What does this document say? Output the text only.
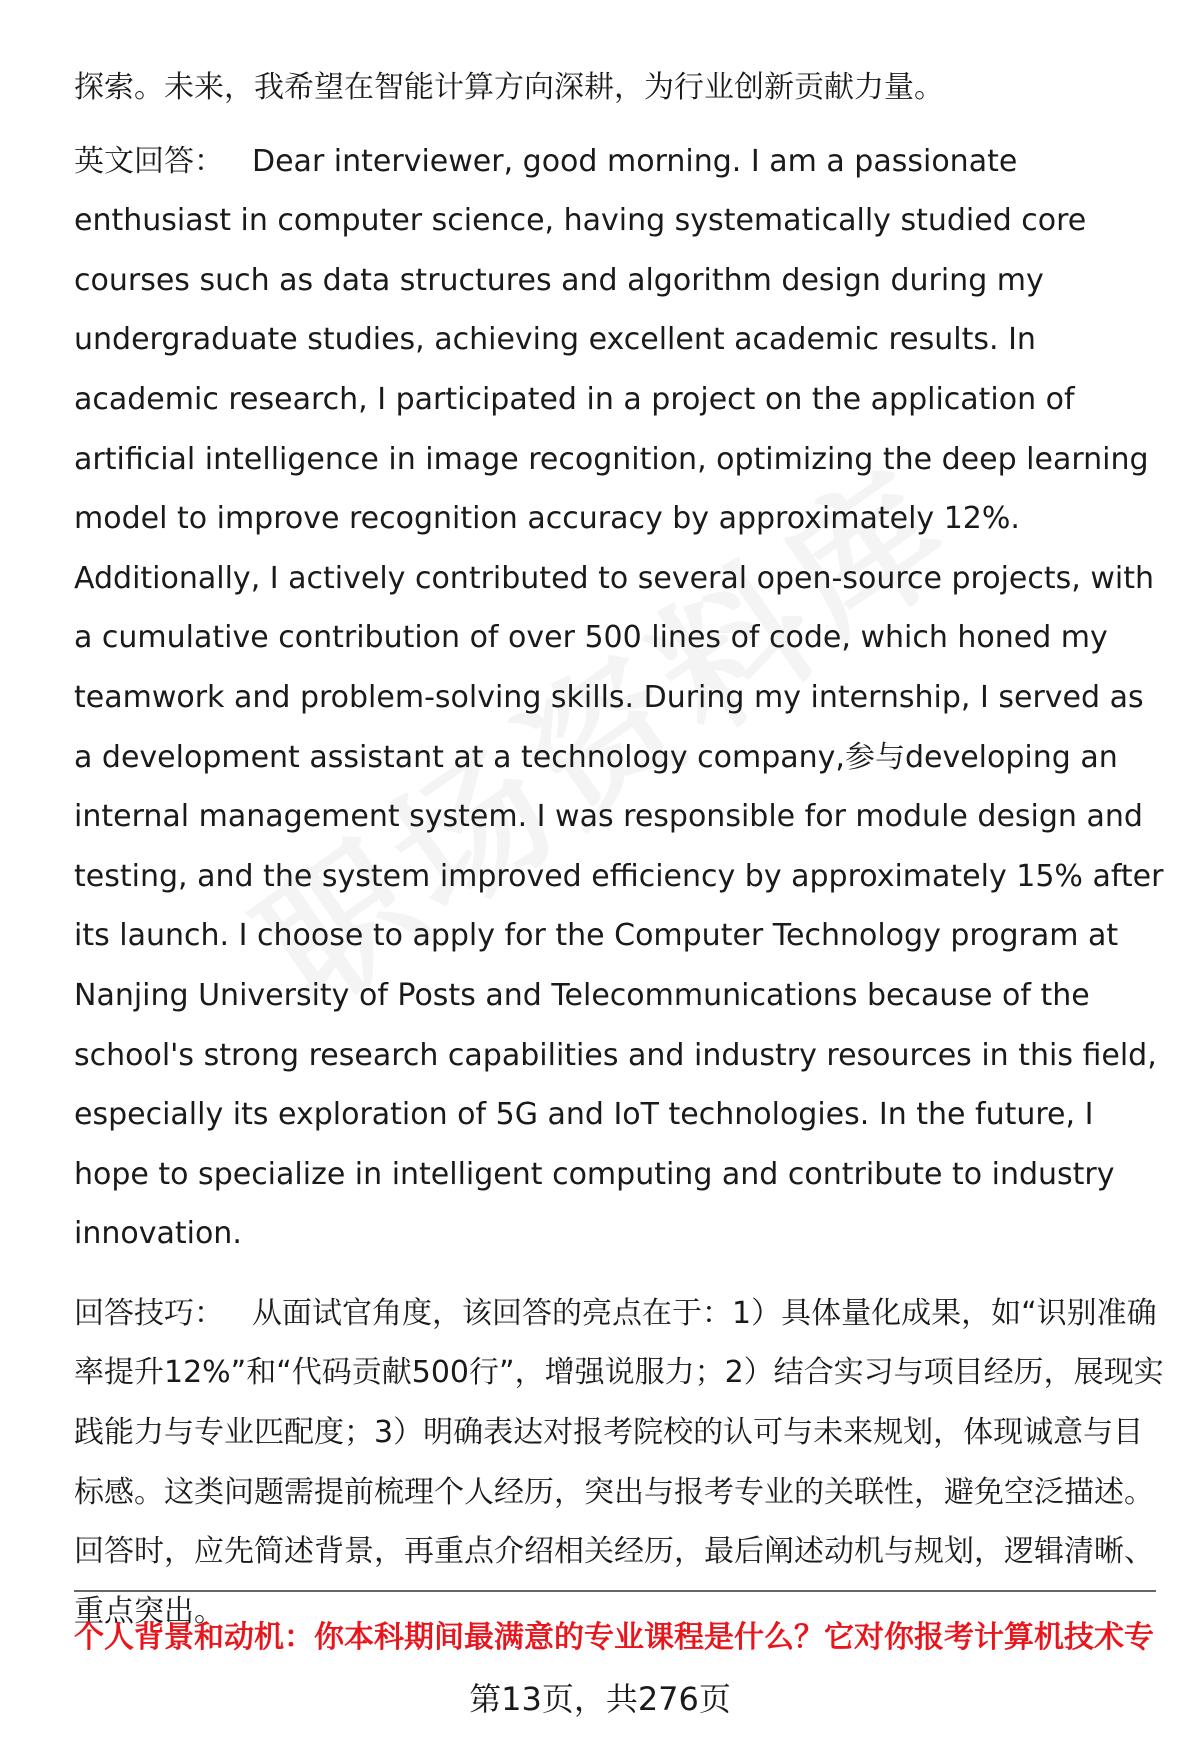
探索。未来，我希望在智能计算方向深耕，为行业创新贡献力量。

英文回答： Dear interviewer, good morning. I am a passionate enthusiast in computer science, having systematically studied core courses such as data structures and algorithm design during my undergraduate studies, achieving excellent academic results. In academic research, I participated in a project on the application of artificial intelligence in image recognition, optimizing the deep learning model to improve recognition accuracy by approximately 12%. Additionally, I actively contributed to several open-source projects, with a cumulative contribution of over 500 lines of code, which honed my teamwork and problem-solving skills. During my internship, I served as a development assistant at a technology company,参与developing an internal management system. I was responsible for module design and testing, and the system improved efficiency by approximately 15% after its launch. I choose to apply for the Computer Technology program at Nanjing University of Posts and Telecommunications because of the school's strong research capabilities and industry resources in this field, especially its exploration of 5G and IoT technologies. In the future, I hope to specialize in intelligent computing and contribute to industry innovation.

回答技巧： 从面试官角度，该回答的亮点在于：1）具体量化成果，如“识别准确率提升12%”和“代码贡献500行”，增强说服力；2）结合实习与项目经历，展现实践能力与专业匹配度；3）明确表达对报考院校的认可与未来规划，体现诚意与目标感。这类问题需提前梳理个人经历，突出与报考专业的关联性，避免空泛描述。回答时，应先简述背景，再重点介绍相关经历，最后阐述动机与规划，逻辑清晰、重点突出。

个人背景和动机：你本科期间最满意的专业课程是什么？它对你报考计算机技术专
第13页，共276页
